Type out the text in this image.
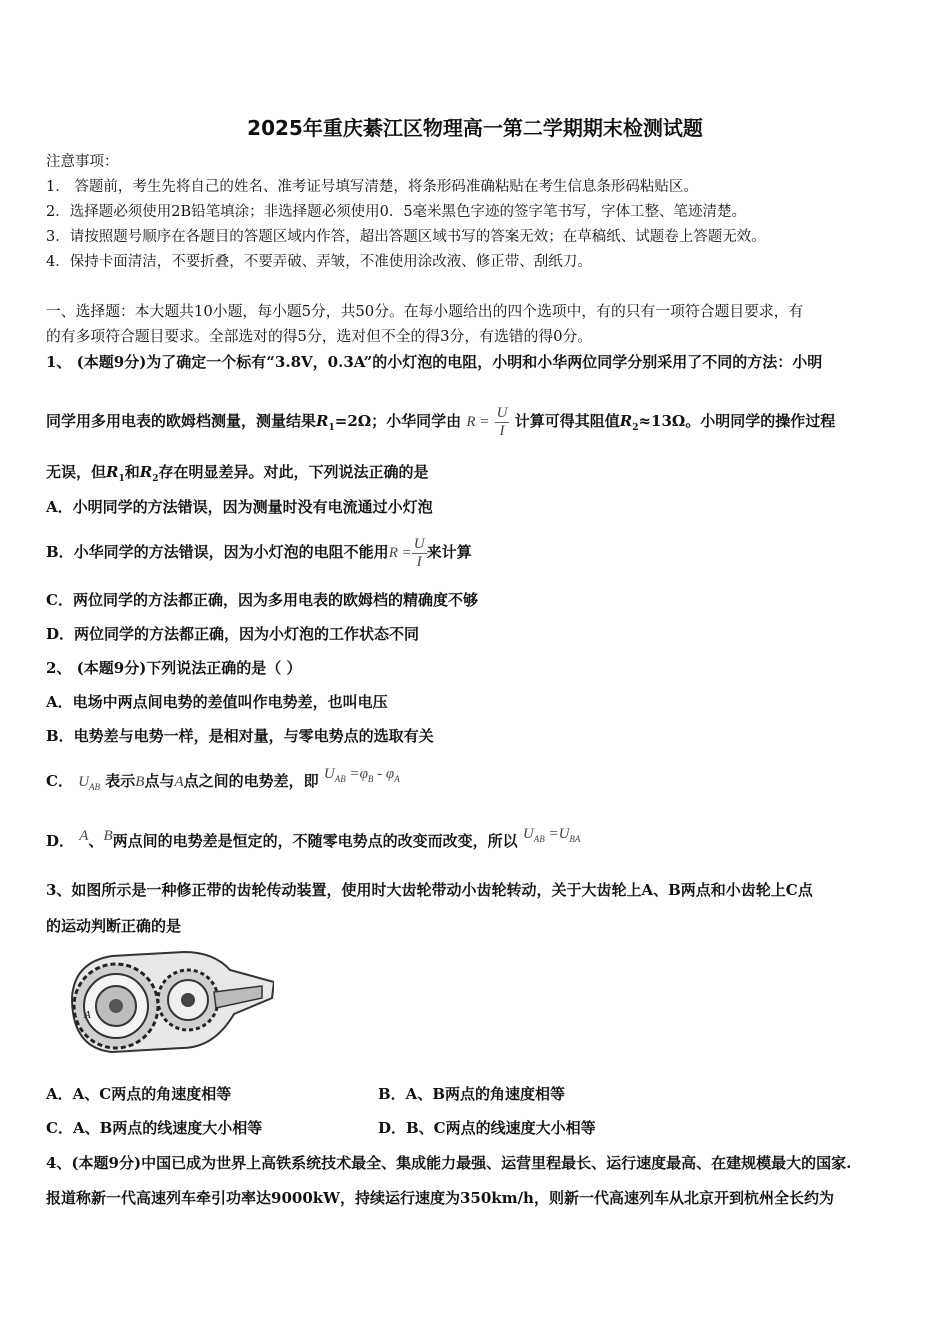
2025年重庆綦江区物理高一第二学期期末检测试题
注意事项：
1． 答题前，考生先将自己的姓名、准考证号填写清楚，将条形码准确粘贴在考生信息条形码粘贴区。
2．选择题必须使用2B铅笔填涂；非选择题必须使用0．5毫米黑色字迹的签字笔书写，字体工整、笔迹清楚。
3．请按照题号顺序在各题目的答题区域内作答，超出答题区域书写的答案无效；在草稿纸、试题卷上答题无效。
4．保持卡面清洁，不要折叠，不要弄破、弄皱，不准使用涂改液、修正带、刮纸刀。
一、选择题：本大题共10小题，每小题5分，共50分。在每小题给出的四个选项中，有的只有一项符合题目要求，有
的有多项符合题目要求。全部选对的得5分，选对但不全的得3分，有选错的得0分。
1、 (本题9分)为了确定一个标有“3.8V，0.3A”的小灯泡的电阻，小明和小华两位同学分别采用了不同的方法：小明
同学用多用电表的欧姆档测量，测量结果$R_1=2\Omega$；小华同学由 $R = \frac{U}{I}$ 计算可得其阻值$R_2\approx 13\Omega$。小明同学的操作过程
无误，但$R_1$和$R_2$存在明显差异。对此，下列说法正确的是
A．小明同学的方法错误，因为测量时没有电流通过小灯泡
B．小华同学的方法错误，因为小灯泡的电阻不能用$R = \frac{U}{I}$ 来计算
C．两位同学的方法都正确，因为多用电表的欧姆档的精确度不够
D．两位同学的方法都正确，因为小灯泡的工作状态不同
2、 (本题9分)下列说法正确的是（ ）
A．电场中两点间电势的差值叫作电势差，也叫电压
B．电势差与电势一样，是相对量，与零电势点的选取有关
C． $U_{AB}$ 表示B点与A点之间的电势差，即 $U_{AB} =\varphi_B - \varphi_A$
D． A、B两点间的电势差是恒定的，不随零电势点的改变而改变，所以 $U_{AB} =U_{BA}$
3、如图所示是一种修正带的齿轮传动装置，使用时大齿轮带动小齿轮转动，关于大齿轮上A、B两点和小齿轮上C点
的运动判断正确的是
A
A．A、C两点的角速度相等	B．A、B两点的角速度相等
C．A、B两点的线速度大小相等	D．B、C两点的线速度大小相等
4、(本题9分)中国已成为世界上高铁系统技术最全、集成能力最强、运营里程最长、运行速度最高、在建规模最大的国家.
报道称新一代高速列车牵引功率达9000kW，持续运行速度为350km/h，则新一代高速列车从北京开到杭州全长约为
